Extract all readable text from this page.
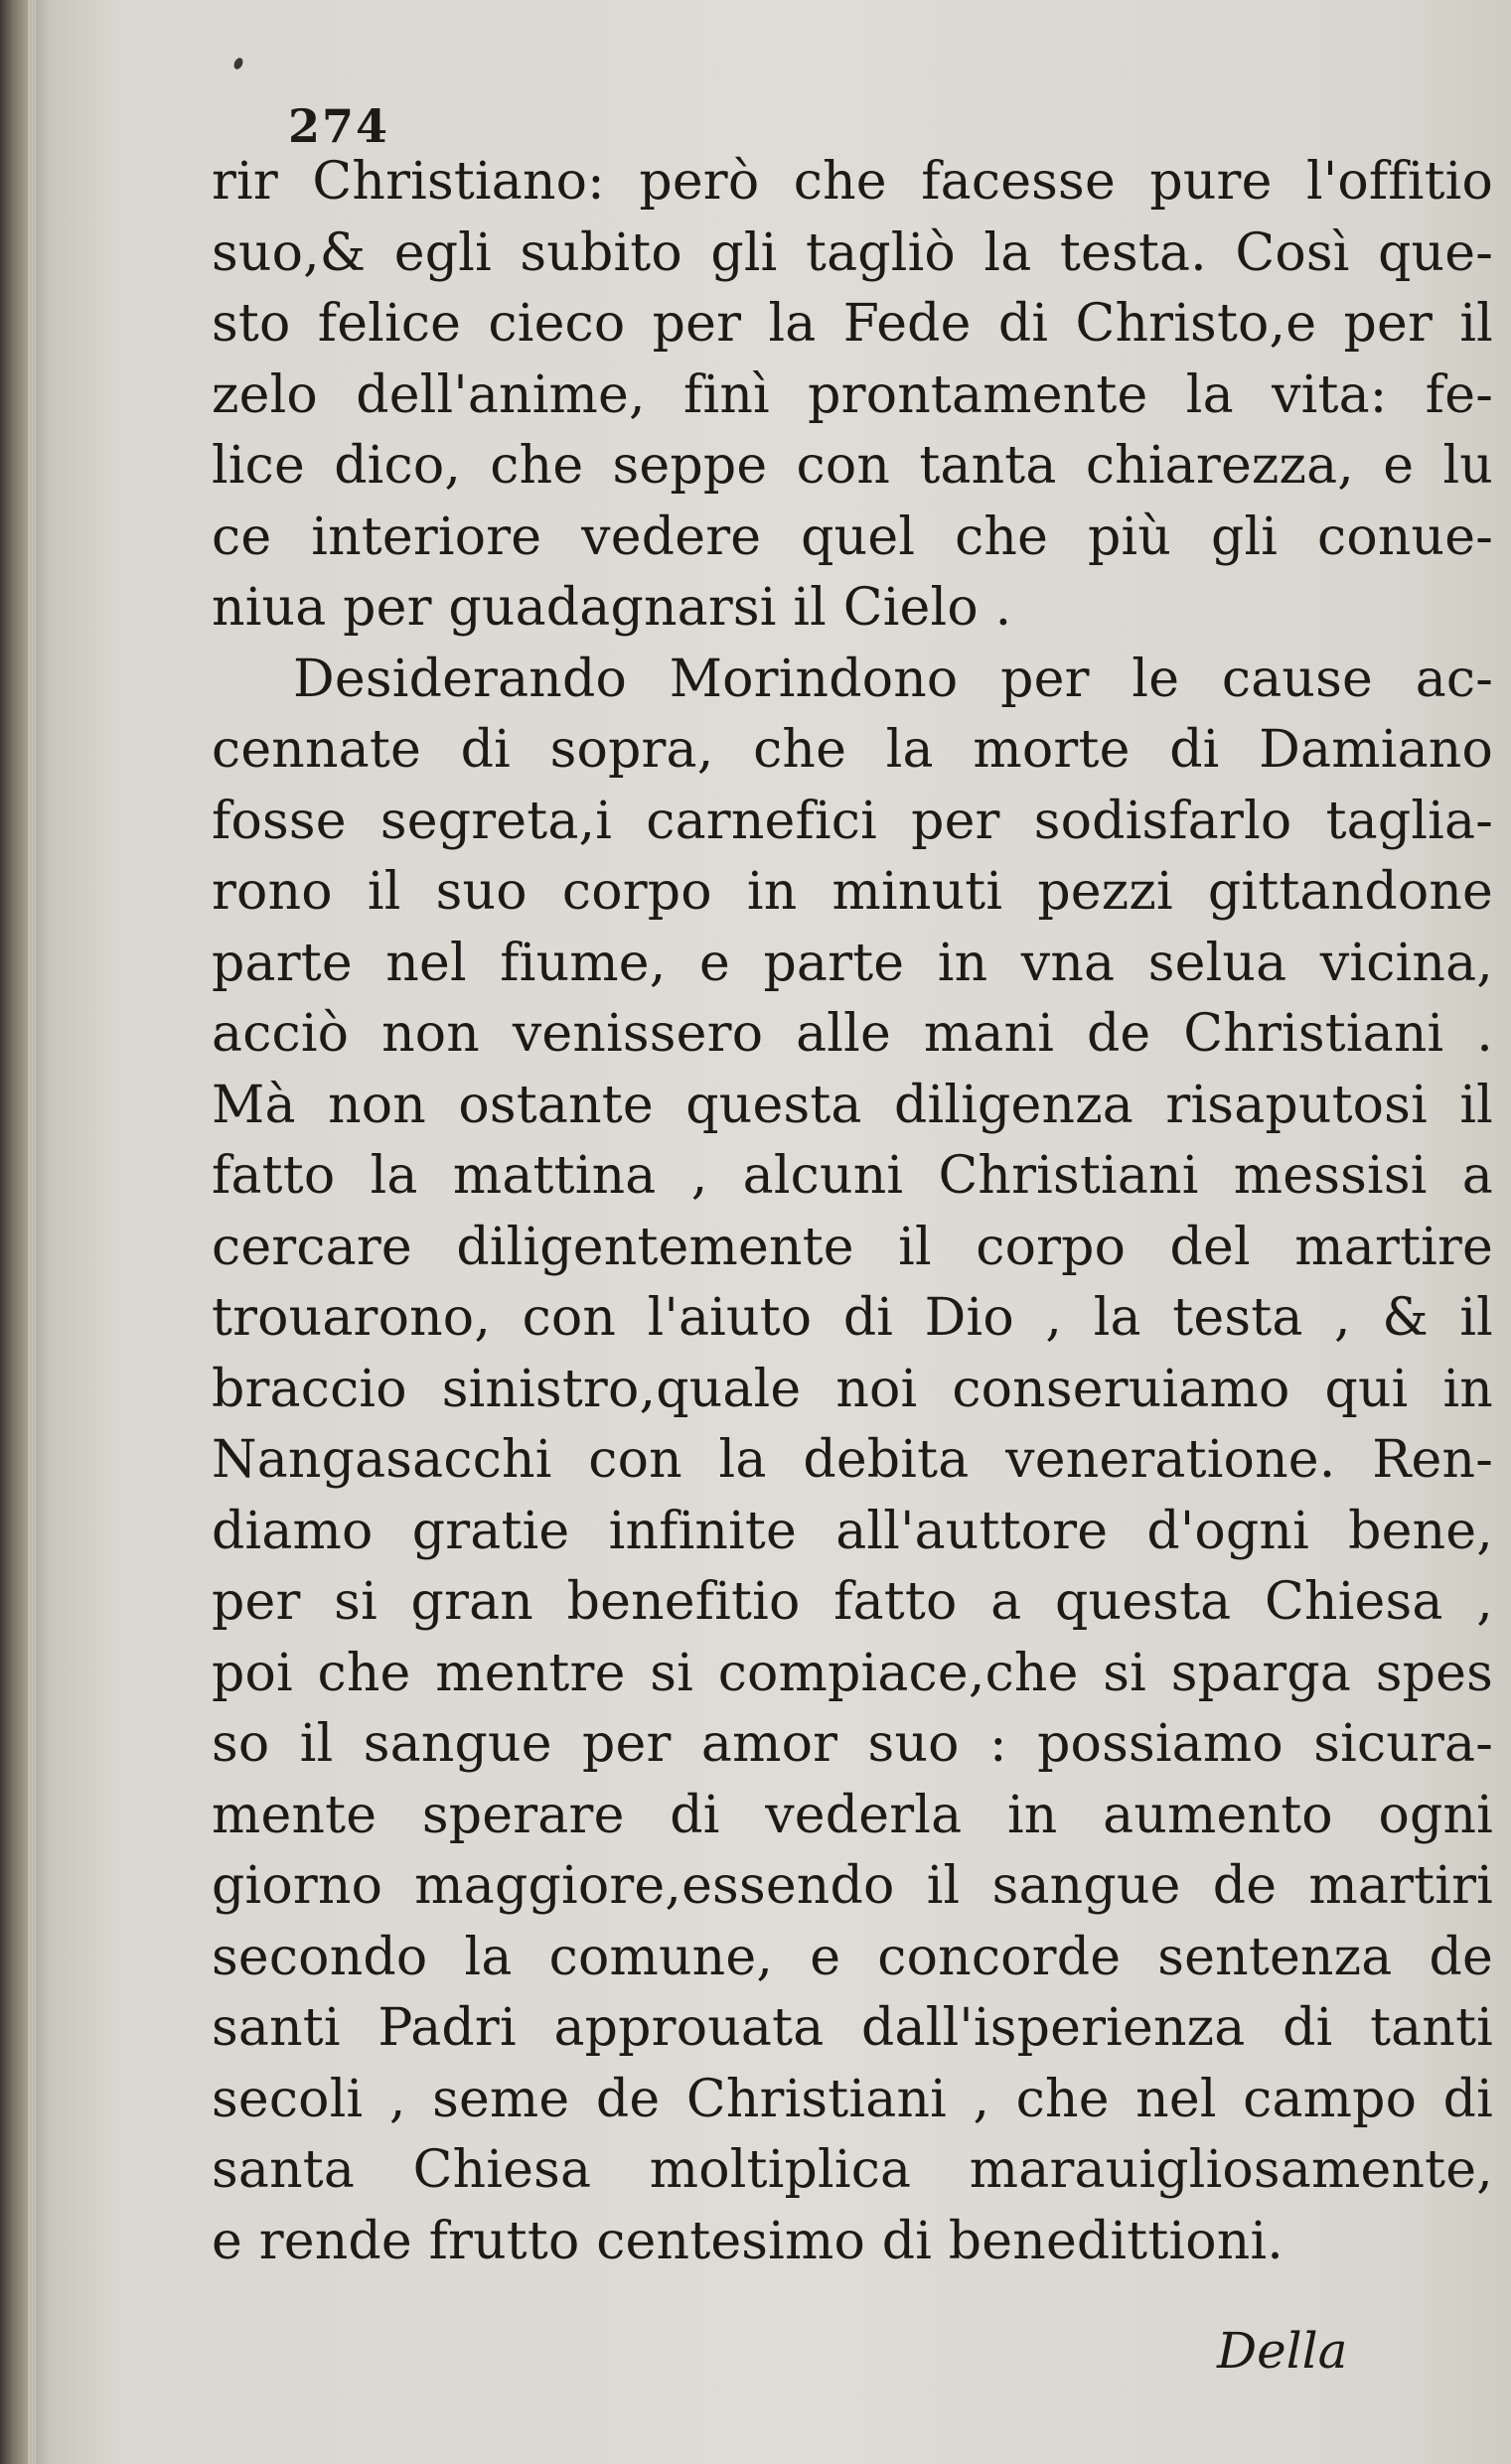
274
rir Christiano: però che facesse pure l'offitio
suo,& egli subito gli tagliò la testa. Così que-
sto felice cieco per la Fede di Christo,e per il
zelo dell'anime, finì prontamente la vita: fe-
lice dico, che seppe con tanta chiarezza, e lu
ce interiore vedere quel che più gli conue-
niua per guadagnarsi il Cielo .
Desiderando Morindono per le cause ac-
cennate di sopra, che la morte di Damiano
fosse segreta,i carnefici per sodisfarlo taglia-
rono il suo corpo in minuti pezzi gittandone
parte nel fiume, e parte in vna selua vicina,
acciò non venissero alle mani de Christiani .
Mà non ostante questa diligenza risaputosi il
fatto la mattina , alcuni Christiani messisi a
cercare diligentemente il corpo del martire
trouarono, con l'aiuto di Dio , la testa , & il
braccio sinistro,quale noi conseruiamo qui in
Nangasacchi con la debita veneratione. Ren-
diamo gratie infinite all'auttore d'ogni bene,
per si gran benefitio fatto a questa Chiesa ,
poi che mentre si compiace,che si sparga spes
so il sangue per amor suo : possiamo sicura-
mente sperare di vederla in aumento ogni
giorno maggiore,essendo il sangue de martiri
secondo la comune, e concorde sentenza de
santi Padri approuata dall'isperienza di tanti
secoli , seme de Christiani , che nel campo di
santa Chiesa moltiplica marauigliosamente,
e rende frutto centesimo di benedittioni.
Della
